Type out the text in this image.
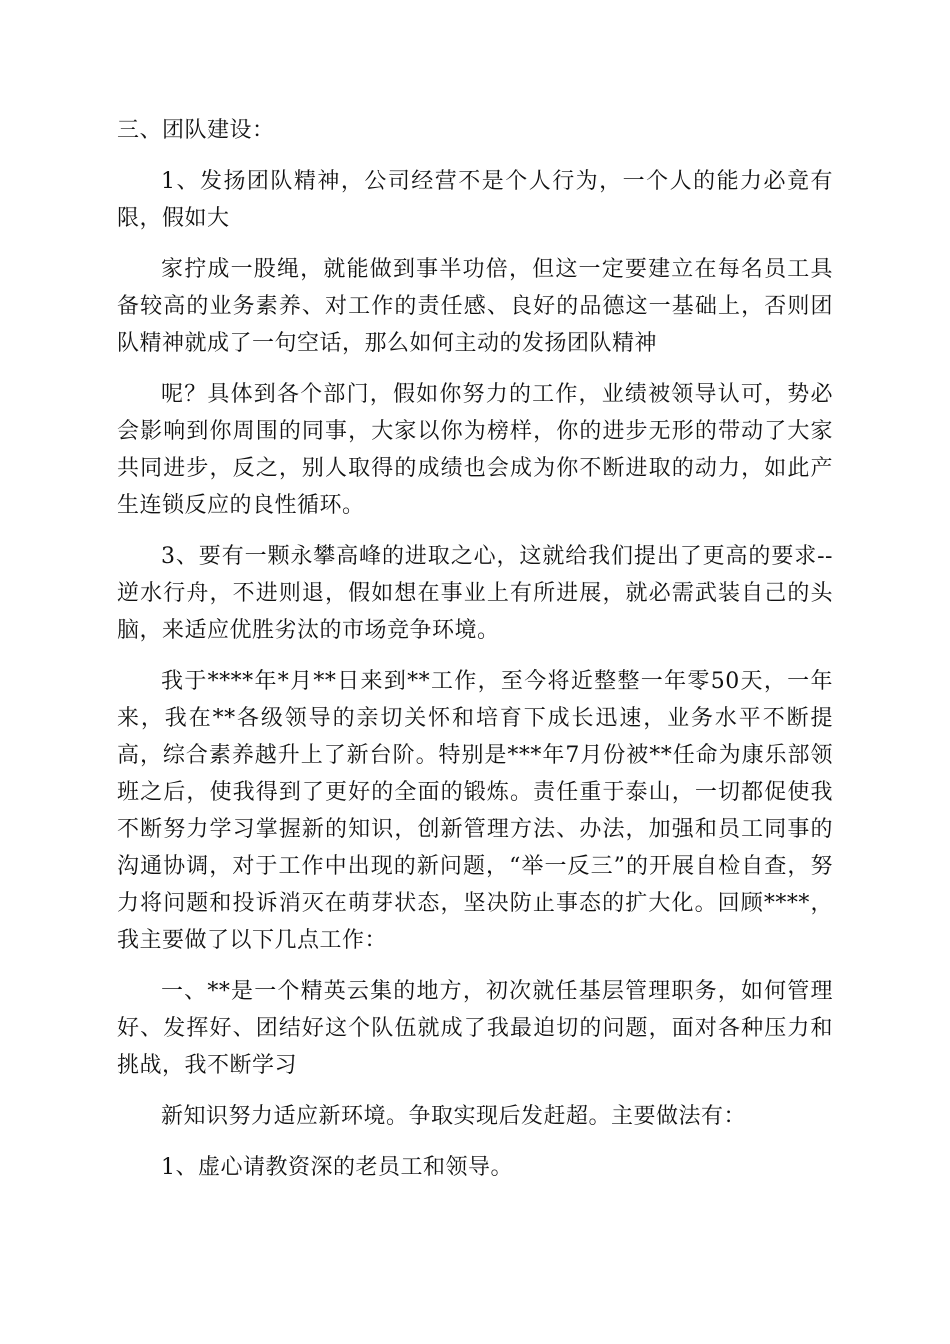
三、团队建设：

1、发扬团队精神，公司经营不是个人行为，一个人的能力必竟有限，假如大

家拧成一股绳，就能做到事半功倍，但这一定要建立在每名员工具备较高的业务素养、对工作的责任感、良好的品德这一基础上，否则团队精神就成了一句空话，那么如何主动的发扬团队精神

呢？具体到各个部门，假如你努力的工作，业绩被领导认可，势必会影响到你周围的同事，大家以你为榜样，你的进步无形的带动了大家共同进步，反之，别人取得的成绩也会成为你不断进取的动力，如此产生连锁反应的良性循环。

3、要有一颗永攀高峰的进取之心，这就给我们提出了更高的要求--逆水行舟，不进则退，假如想在事业上有所进展，就必需武装自己的头脑，来适应优胜劣汰的市场竞争环境。

我于****年*月**日来到**工作，至今将近整整一年零50天，一年来，我在**各级领导的亲切关怀和培育下成长迅速，业务水平不断提高，综合素养越升上了新台阶。特别是***年7月份被**任命为康乐部领班之后，使我得到了更好的全面的锻炼。责任重于泰山，一切都促使我不断努力学习掌握新的知识，创新管理方法、办法，加强和员工同事的沟通协调，对于工作中出现的新问题，“举一反三”的开展自检自查，努力将问题和投诉消灭在萌芽状态，坚决防止事态的扩大化。回顾****，我主要做了以下几点工作：

一、**是一个精英云集的地方，初次就任基层管理职务，如何管理好、发挥好、团结好这个队伍就成了我最迫切的问题，面对各种压力和挑战，我不断学习

新知识努力适应新环境。争取实现后发赶超。主要做法有：

1、虚心请教资深的老员工和领导。
